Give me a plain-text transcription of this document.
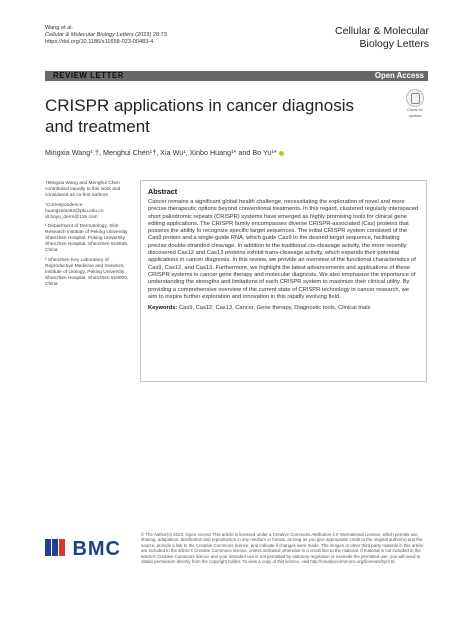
Wang et al.
Cellular & Molecular Biology Letters (2023) 28:73
https://doi.org/10.1186/s11658-023-00483-4
Cellular & Molecular
Biology Letters
REVIEW LETTER	Open Access
CRISPR applications in cancer diagnosis
and treatment
Check for
updates
Mingxia Wang¹˒†, Menghui Chen¹†, Xia Wu¹, Xinbo Huang¹* and Bo Yu¹*

†Mingxia Wang and Menghui Chen contributed equally to this work and considered as co-first authors

*Correspondence:
huangxinbo92@pku.edu.cn
dr.boyu_derm@126.com

¹ Department of Dermatology, Skin Research Institute of Peking University Shenzhen Hospital, Peking University Shenzhen Hospital, Shenzhen 518036, China

² Shenzhen Key Laboratory of Reproductive Medicine and Genetics, Institute of Urology, Peking University Shenzhen Hospital, Shenzhen 518000, China

Abstract
Cancer remains a significant global health challenge, necessitating the exploration of novel and more precise therapeutic options beyond conventional treatments. In this regard, clustered regularly interspaced short palindromic repeats (CRISPR) systems have emerged as highly promising tools for clinical gene editing applications. The CRISPR family encompasses diverse CRISPR-associated (Cas) proteins that possess the ability to recognize specific target sequences. The initial CRISPR system consisted of the Cas9 protein and a single-guide RNA, which guide Cas9 to the desired target sequence, facilitating precise double-stranded cleavage. In addition to the traditional cis-cleavage activity, the more recently discovered Cas12 and Cas13 proteins exhibit trans-cleavage activity, which expands their potential applications in cancer diagnosis. In this review, we provide an overview of the functional characteristics of Cas9, Cas12, and Cas13. Furthermore, we highlight the latest advancements and applications of these CRISPR systems in cancer gene therapy and molecular diagnosis. We also emphasize the importance of understanding the strengths and limitations of each CRISPR system to maximize their clinical utility. By providing a comprehensive overview of the current state of CRISPR technology in cancer research, we aim to inspire further exploration and innovation in this rapidly evolving field.
Keywords: Cas9, Cas12, Cas13, Cancer, Gene therapy, Diagnostic tools, Clinical trials
BMC
© The Author(s) 2023. Open Access This article is licensed under a Creative Commons Attribution 4.0 International License, which permits use, sharing, adaptation, distribution and reproduction in any medium or format, as long as you give appropriate credit to the original author(s) and the source, provide a link to the Creative Commons licence, and indicate if changes were made. The images or other third party material in this article are included in the article's Creative Commons licence, unless indicated otherwise in a credit line to the material. If material is not included in the article's Creative Commons licence and your intended use is not permitted by statutory regulation or exceeds the permitted use, you will need to obtain permission directly from the copyright holder. To view a copy of this licence, visit http://creativecommons.org/licenses/by/4.0/.
